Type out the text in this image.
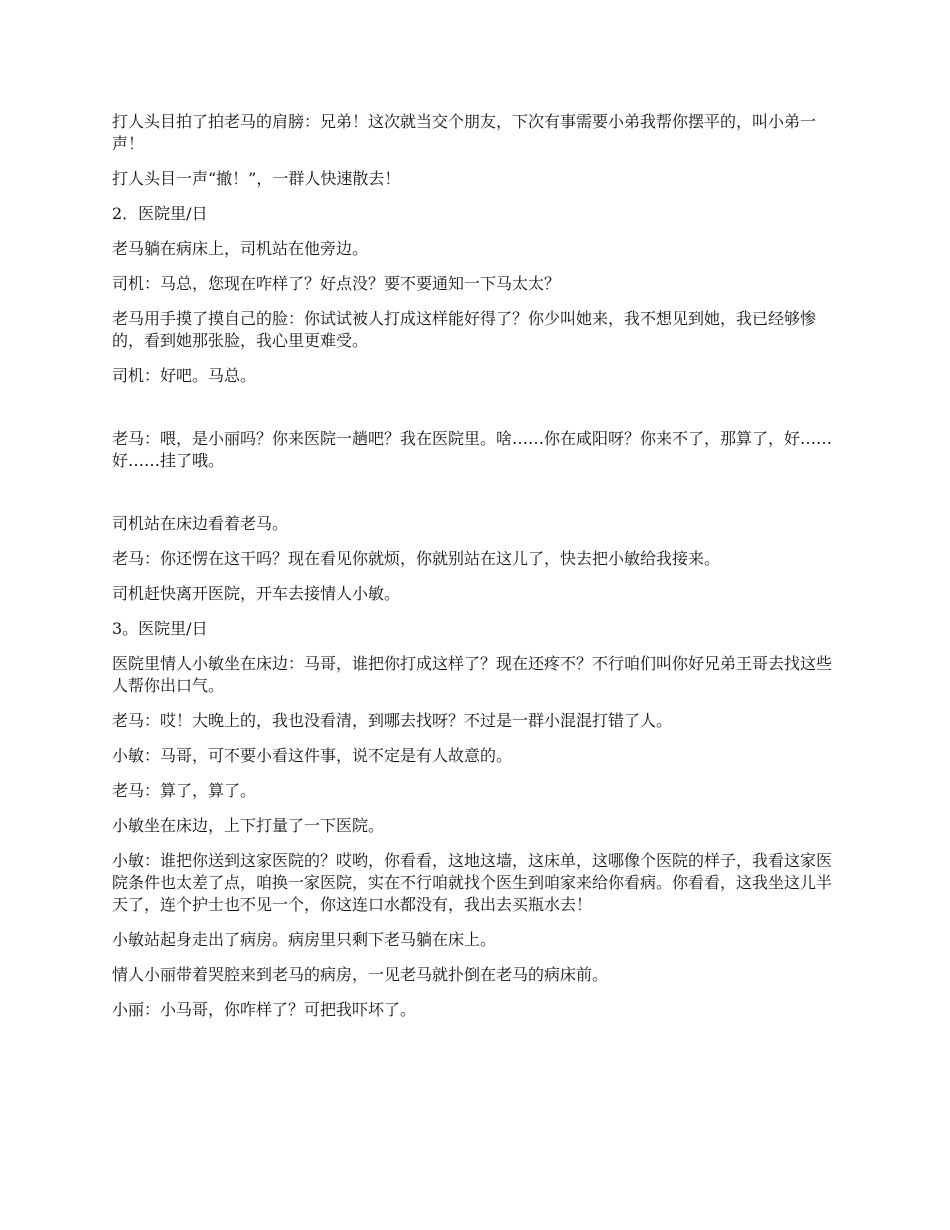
打人头目拍了拍老马的肩膀：兄弟！这次就当交个朋友，下次有事需要小弟我帮你摆平的，叫小弟一声！

打人头目一声“撤！”，一群人快速散去！

2．医院里/日

老马躺在病床上，司机站在他旁边。

司机：马总，您现在咋样了？好点没？要不要通知一下马太太？

老马用手摸了摸自己的脸：你试试被人打成这样能好得了？你少叫她来，我不想见到她，我已经够惨的，看到她那张脸，我心里更难受。

司机：好吧。马总。

老马：喂，是小丽吗？你来医院一趟吧？我在医院里。啥……你在咸阳呀？你来不了，那算了，好……好……挂了哦。

司机站在床边看着老马。

老马：你还愣在这干吗？现在看见你就烦，你就别站在这儿了，快去把小敏给我接来。

司机赶快离开医院，开车去接情人小敏。

3。医院里/日

医院里情人小敏坐在床边：马哥，谁把你打成这样了？现在还疼不？不行咱们叫你好兄弟王哥去找这些人帮你出口气。

老马：哎！大晚上的，我也没看清，到哪去找呀？不过是一群小混混打错了人。

小敏：马哥，可不要小看这件事，说不定是有人故意的。

老马：算了，算了。

小敏坐在床边，上下打量了一下医院。

小敏：谁把你送到这家医院的？哎哟，你看看，这地这墙，这床单，这哪像个医院的样子，我看这家医院条件也太差了点，咱换一家医院，实在不行咱就找个医生到咱家来给你看病。你看看，这我坐这儿半天了，连个护士也不见一个，你这连口水都没有，我出去买瓶水去！

小敏站起身走出了病房。病房里只剩下老马躺在床上。

情人小丽带着哭腔来到老马的病房，一见老马就扑倒在老马的病床前。

小丽：小马哥，你咋样了？可把我吓坏了。
